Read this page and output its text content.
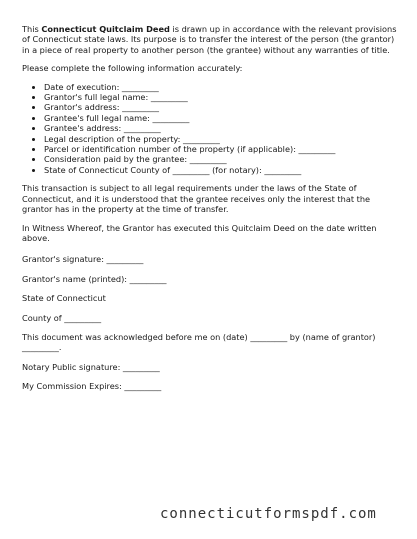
This Connecticut Quitclaim Deed is drawn up in accordance with the relevant provisions of Connecticut state laws. Its purpose is to transfer the interest of the person (the grantor) in a piece of real property to another person (the grantee) without any warranties of title.

Please complete the following information accurately:

• Date of execution: _________
• Grantor's full legal name: _________
• Grantor's address: _________
• Grantee's full legal name: _________
• Grantee's address: _________
• Legal description of the property: _________
• Parcel or identification number of the property (if applicable): _________
• Consideration paid by the grantee: _________
• State of Connecticut County of _________ (for notary): _________

This transaction is subject to all legal requirements under the laws of the State of Connecticut, and it is understood that the grantee receives only the interest that the grantor has in the property at the time of transfer.

In Witness Whereof, the Grantor has executed this Quitclaim Deed on the date written above.

Grantor's signature: _________

Grantor's name (printed): _________

State of Connecticut

County of _________

This document was acknowledged before me on (date) _________ by (name of grantor) _________.

Notary Public signature: _________

My Commission Expires: _________

connecticutformspdf.com
